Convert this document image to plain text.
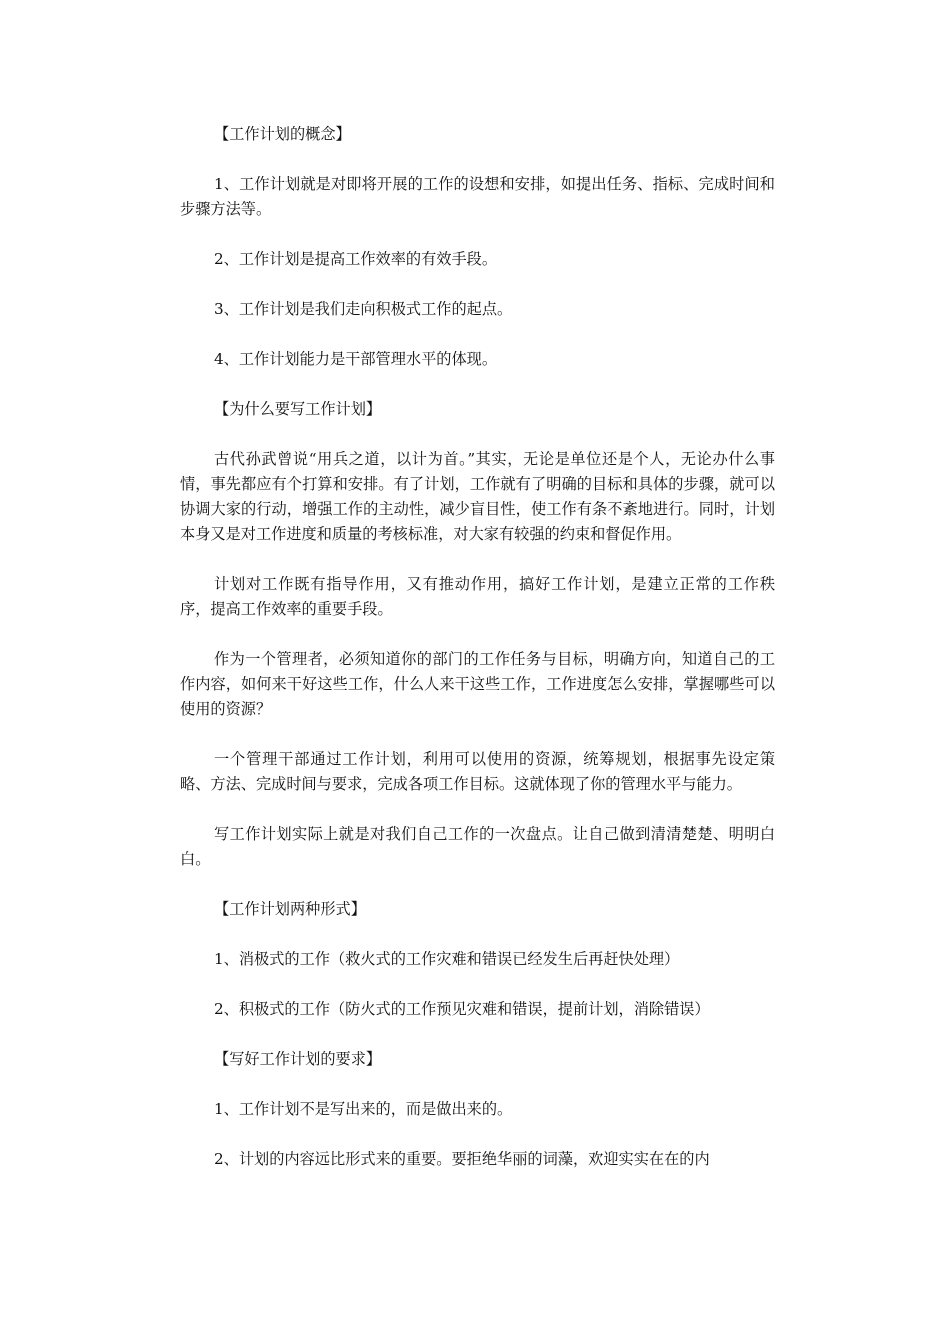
【工作计划的概念】

1、工作计划就是对即将开展的工作的设想和安排，如提出任务、指标、完成时间和步骤方法等。

2、工作计划是提高工作效率的有效手段。

3、工作计划是我们走向积极式工作的起点。

4、工作计划能力是干部管理水平的体现。

【为什么要写工作计划】

古代孙武曾说“用兵之道，以计为首。”其实，无论是单位还是个人，无论办什么事情，事先都应有个打算和安排。有了计划，工作就有了明确的目标和具体的步骤，就可以协调大家的行动，增强工作的主动性，减少盲目性，使工作有条不紊地进行。同时，计划本身又是对工作进度和质量的考核标准，对大家有较强的约束和督促作用。

计划对工作既有指导作用，又有推动作用，搞好工作计划，是建立正常的工作秩序，提高工作效率的重要手段。

作为一个管理者，必须知道你的部门的工作任务与目标，明确方向，知道自己的工作内容，如何来干好这些工作，什么人来干这些工作，工作进度怎么安排，掌握哪些可以使用的资源？

一个管理干部通过工作计划，利用可以使用的资源，统筹规划，根据事先设定策略、方法、完成时间与要求，完成各项工作目标。这就体现了你的管理水平与能力。

写工作计划实际上就是对我们自己工作的一次盘点。让自己做到清清楚楚、明明白白。

【工作计划两种形式】

1、消极式的工作（救火式的工作灾难和错误已经发生后再赶快处理）

2、积极式的工作（防火式的工作预见灾难和错误，提前计划，消除错误）

【写好工作计划的要求】

1、工作计划不是写出来的，而是做出来的。

2、计划的内容远比形式来的重要。要拒绝华丽的词藻，欢迎实实在在的内
